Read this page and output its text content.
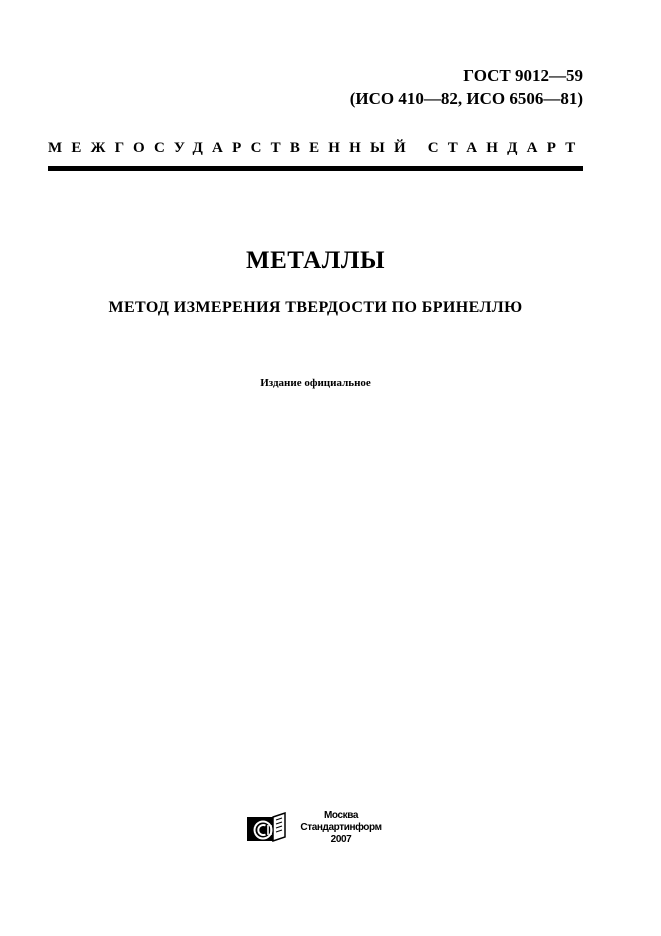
ГОСТ 9012—59
(ИСО 410—82, ИСО 6506—81)
МЕЖГОСУДАРСТВЕННЫЙ СТАНДАРТ
МЕТАЛЛЫ
МЕТОД ИЗМЕРЕНИЯ ТВЕРДОСТИ ПО БРИНЕЛЛЮ
Издание официальное
Москва
Стандартинформ
2007
